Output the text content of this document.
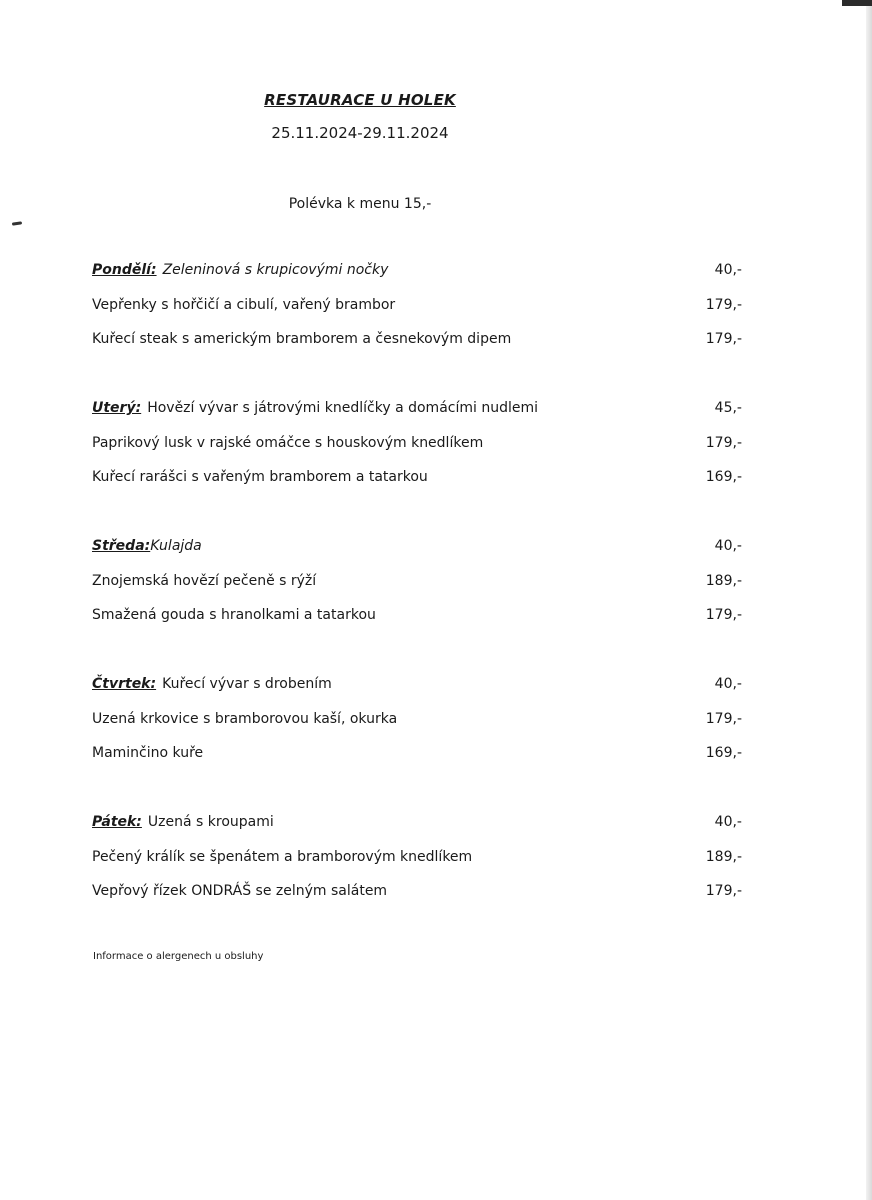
RESTAURACE U HOLEK
25.11.2024-29.11.2024
Polévka k menu 15,-
Pondělí: Zeleninová s krupicovými nočky	40,-
Vepřenky s hořčičí a cibulí, vařený brambor	179,-
Kuřecí steak s americkým bramborem a česnekovým dipem	179,-
Uterý: Hovězí vývar s játrovými knedlíčky a domácími nudlemi	45,-
Paprikový lusk v rajské omáčce s houskovým knedlíkem	179,-
Kuřecí rarášci s vařeným bramborem a tatarkou	169,-
Středa:Kulajda	40,-
Znojemská hovězí pečeně s rýží	189,-
Smažená gouda s hranolkami a tatarkou	179,-
Čtvrtek: Kuřecí vývar s drobením	40,-
Uzená krkovice s bramborovou kaší, okurka	179,-
Maminčino kuře	169,-
Pátek: Uzená s kroupami	40,-
Pečený králík se špenátem a bramborovým knedlíkem	189,-
Vepřový řízek ONDRÁŠ se zelným salátem	179,-
Informace o alergenech u obsluhy
